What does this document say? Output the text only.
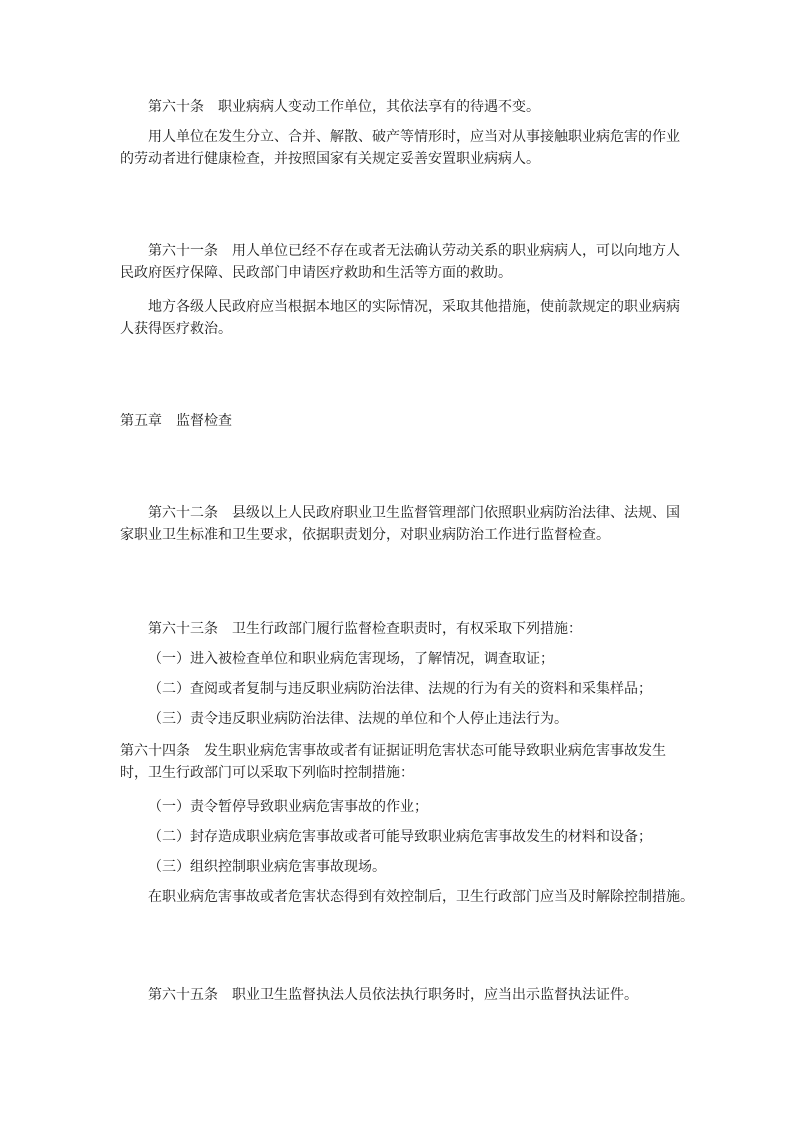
第六十条 职业病病人变动工作单位，其依法享有的待遇不变。

用人单位在发生分立、合并、解散、破产等情形时，应当对从事接触职业病危害的作业
的劳动者进行健康检查，并按照国家有关规定妥善安置职业病病人。

第六十一条 用人单位已经不存在或者无法确认劳动关系的职业病病人，可以向地方人
民政府医疗保障、民政部门申请医疗救助和生活等方面的救助。

地方各级人民政府应当根据本地区的实际情况，采取其他措施，使前款规定的职业病病
人获得医疗救治。

第五章 监督检查

第六十二条 县级以上人民政府职业卫生监督管理部门依照职业病防治法律、法规、国
家职业卫生标准和卫生要求，依据职责划分，对职业病防治工作进行监督检查。

第六十三条 卫生行政部门履行监督检查职责时，有权采取下列措施：

（一）进入被检查单位和职业病危害现场，了解情况，调查取证；

（二）查阅或者复制与违反职业病防治法律、法规的行为有关的资料和采集样品；

（三）责令违反职业病防治法律、法规的单位和个人停止违法行为。

第六十四条 发生职业病危害事故或者有证据证明危害状态可能导致职业病危害事故发生
时，卫生行政部门可以采取下列临时控制措施：

（一）责令暂停导致职业病危害事故的作业；

（二）封存造成职业病危害事故或者可能导致职业病危害事故发生的材料和设备；

（三）组织控制职业病危害事故现场。

在职业病危害事故或者危害状态得到有效控制后，卫生行政部门应当及时解除控制措施。

第六十五条 职业卫生监督执法人员依法执行职务时，应当出示监督执法证件。
